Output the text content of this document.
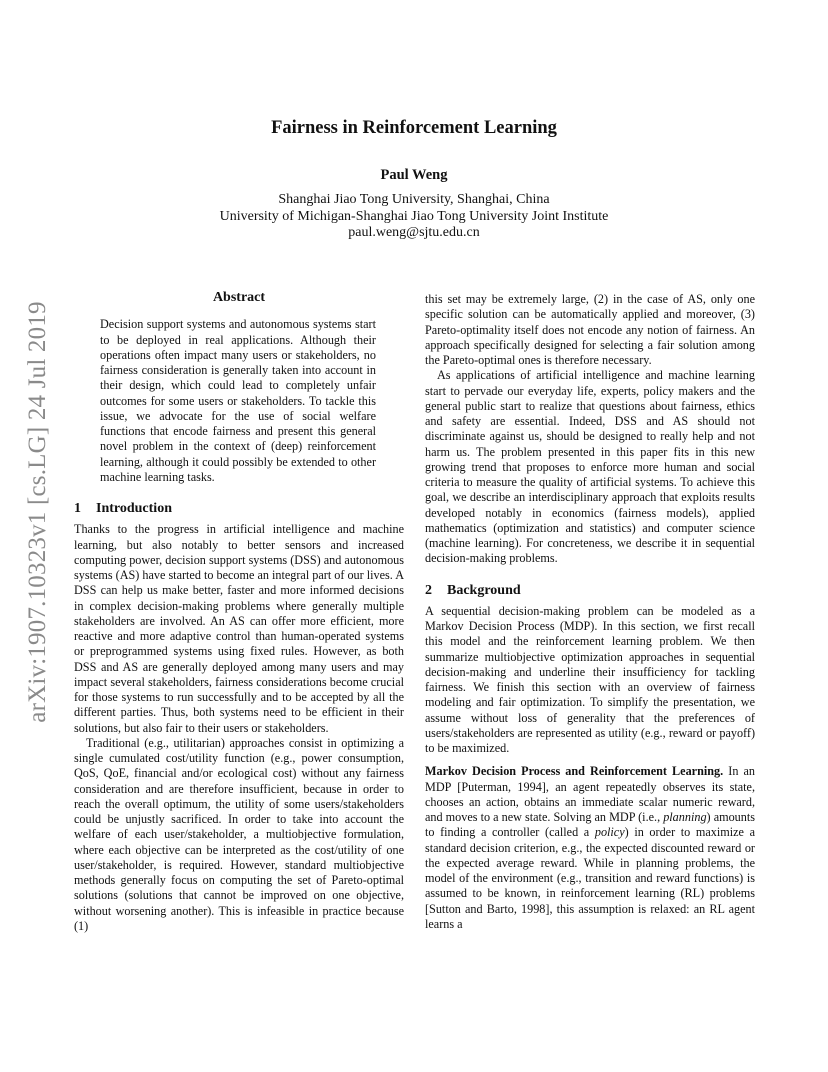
arXiv:1907.10323v1 [cs.LG] 24 Jul 2019
Fairness in Reinforcement Learning
Paul Weng
Shanghai Jiao Tong University, Shanghai, China
University of Michigan-Shanghai Jiao Tong University Joint Institute
paul.weng@sjtu.edu.cn
Abstract

Decision support systems and autonomous systems start to be deployed in real applications. Although their operations often impact many users or stakeholders, no fairness consideration is generally taken into account in their design, which could lead to completely unfair outcomes for some users or stakeholders. To tackle this issue, we advocate for the use of social welfare functions that encode fairness and present this general novel problem in the context of (deep) reinforcement learning, although it could possibly be extended to other machine learning tasks.

1 Introduction

Thanks to the progress in artificial intelligence and machine learning, but also notably to better sensors and increased computing power, decision support systems (DSS) and autonomous systems (AS) have started to become an integral part of our lives. A DSS can help us make better, faster and more informed decisions in complex decision-making problems where generally multiple stakeholders are involved. An AS can offer more efficient, more reactive and more adaptive control than human-operated systems or preprogrammed systems using fixed rules. However, as both DSS and AS are generally deployed among many users and may impact several stakeholders, fairness considerations become crucial for those systems to run successfully and to be accepted by all the different parties. Thus, both systems need to be efficient in their solutions, but also fair to their users or stakeholders.

Traditional (e.g., utilitarian) approaches consist in optimizing a single cumulated cost/utility function (e.g., power consumption, QoS, QoE, financial and/or ecological cost) without any fairness consideration and are therefore insufficient, because in order to reach the overall optimum, the utility of some users/stakeholders could be unjustly sacrificed. In order to take into account the welfare of each user/stakeholder, a multiobjective formulation, where each objective can be interpreted as the cost/utility of one user/stakeholder, is required. However, standard multiobjective methods generally focus on computing the set of Pareto-optimal solutions (solutions that cannot be improved on one objective, without worsening another). This is infeasible in practice because (1)

this set may be extremely large, (2) in the case of AS, only one specific solution can be automatically applied and moreover, (3) Pareto-optimality itself does not encode any notion of fairness. An approach specifically designed for selecting a fair solution among the Pareto-optimal ones is therefore necessary.

As applications of artificial intelligence and machine learning start to pervade our everyday life, experts, policy makers and the general public start to realize that questions about fairness, ethics and safety are essential. Indeed, DSS and AS should not discriminate against us, should be designed to really help and not harm us. The problem presented in this paper fits in this new growing trend that proposes to enforce more human and social criteria to measure the quality of artificial systems. To achieve this goal, we describe an interdisciplinary approach that exploits results developed notably in economics (fairness models), applied mathematics (optimization and statistics) and computer science (machine learning). For concreteness, we describe it in sequential decision-making problems.

2 Background

A sequential decision-making problem can be modeled as a Markov Decision Process (MDP). In this section, we first recall this model and the reinforcement learning problem. We then summarize multiobjective optimization approaches in sequential decision-making and underline their insufficiency for tackling fairness. We finish this section with an overview of fairness modeling and fair optimization. To simplify the presentation, we assume without loss of generality that the preferences of users/stakeholders are represented as utility (e.g., reward or payoff) to be maximized.

Markov Decision Process and Reinforcement Learning. In an MDP [Puterman, 1994], an agent repeatedly observes its state, chooses an action, obtains an immediate scalar numeric reward, and moves to a new state. Solving an MDP (i.e., planning) amounts to finding a controller (called a policy) in order to maximize a standard decision criterion, e.g., the expected discounted reward or the expected average reward. While in planning problems, the model of the environment (e.g., transition and reward functions) is assumed to be known, in reinforcement learning (RL) problems [Sutton and Barto, 1998], this assumption is relaxed: an RL agent learns a
